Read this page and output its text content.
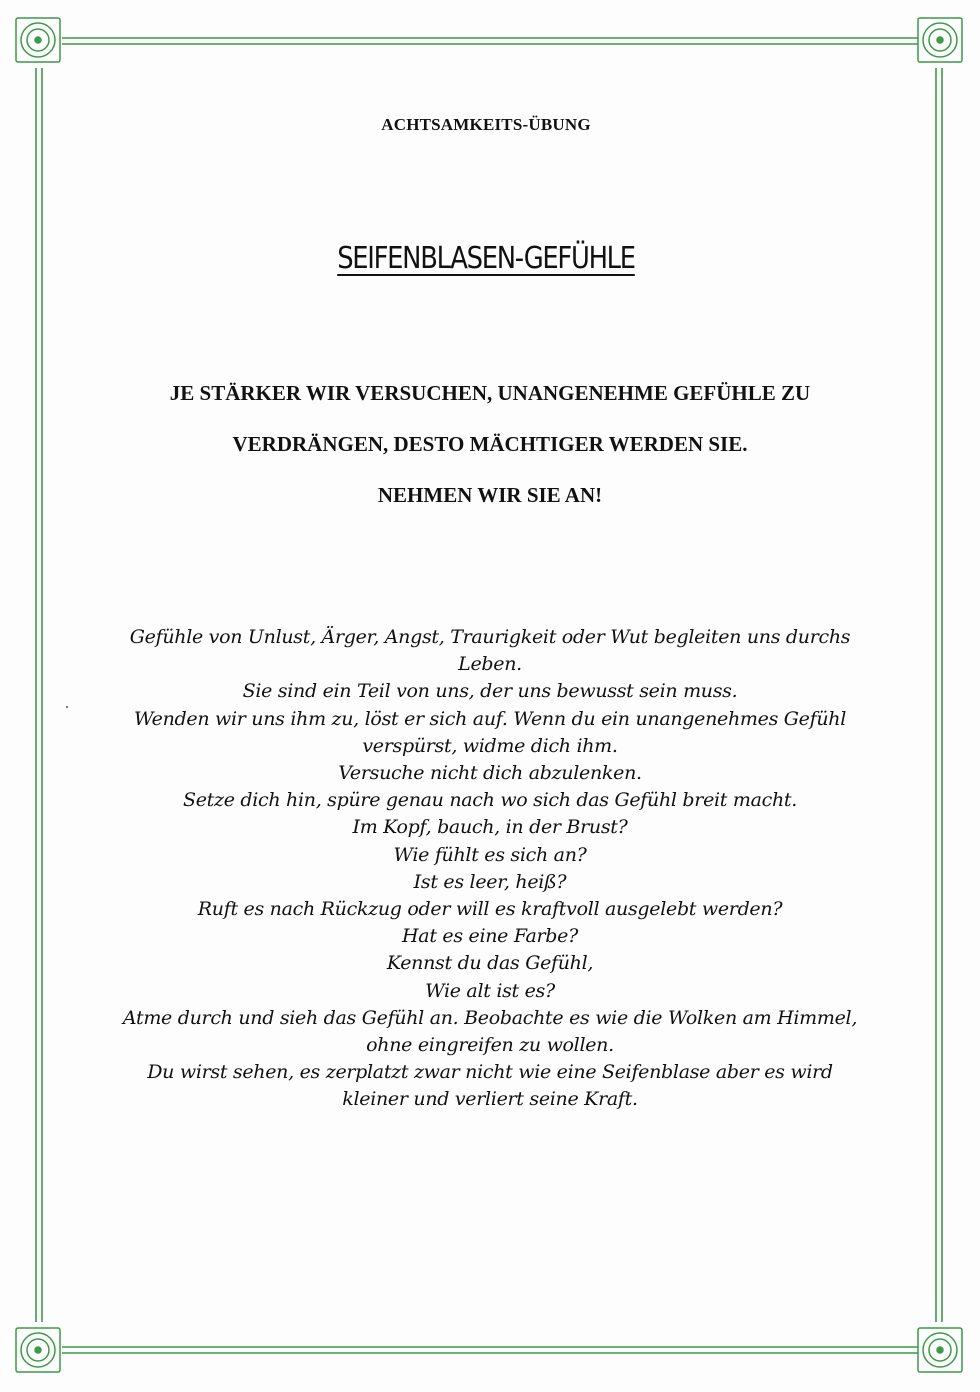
ACHTSAMKEITS-ÜBUNG
SEIFENBLASEN-GEFÜHLE
JE STÄRKER WIR VERSUCHEN, UNANGENEHME GEFÜHLE ZU
VERDRÄNGEN, DESTO MÄCHTIGER WERDEN SIE.
NEHMEN WIR SIE AN!
Gefühle von Unlust, Ärger, Angst, Traurigkeit oder Wut begleiten uns durchs
Leben.
Sie sind ein Teil von uns, der uns bewusst sein muss.
Wenden wir uns ihm zu, löst er sich auf. Wenn du ein unangenehmes Gefühl
verspürst, widme dich ihm.
Versuche nicht dich abzulenken.
Setze dich hin, spüre genau nach wo sich das Gefühl breit macht.
Im Kopf, bauch, in der Brust?
Wie fühlt es sich an?
Ist es leer, heiß?
Ruft es nach Rückzug oder will es kraftvoll ausgelebt werden?
Hat es eine Farbe?
Kennst du das Gefühl,
Wie alt ist es?
Atme durch und sieh das Gefühl an. Beobachte es wie die Wolken am Himmel,
ohne eingreifen zu wollen.
Du wirst sehen, es zerplatzt zwar nicht wie eine Seifenblase aber es wird
kleiner und verliert seine Kraft.
